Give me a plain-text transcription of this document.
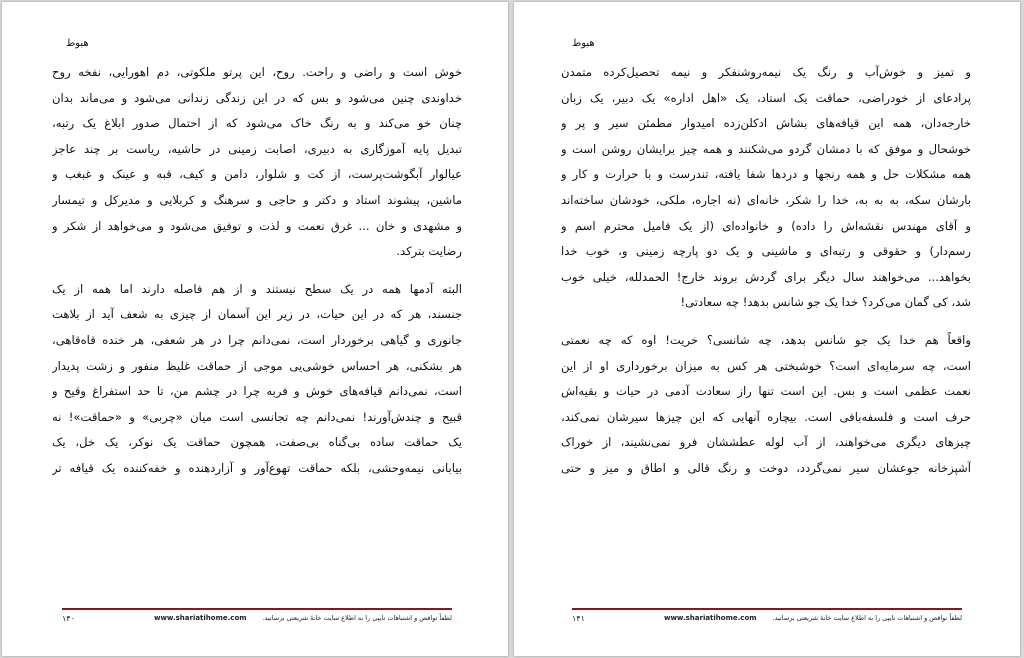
هبوط
خوش است و راضی و راحت. روح، این پرتو ملکوتی، دم اهورایی، نفخه روح
خداوندی چنین می‌شود و بس که در این زندگی زندانی می‌شود و می‌ماند بدان
چنان خو می‌کند و به رنگ خاک می‌شود که از احتمال صدور ابلاغ یک رتبه،
تبدیل پایه آموزگاری به دبیری، اصابت زمینی در حاشیه، ریاست بر چند عاجز
عیالوار آبگوشت‌پرست، از کت و شلوار، دامن و کیف، قبه و عینک و غبغب و
ماشین، پیشوند استاد و دکتر و حاجی و سرهنگ و کربلایی و مدیرکل و تیمسار
و مشهدی و خان ... غرق نعمت و لذت و توفیق می‌شود و می‌خواهد از شکر و
رضایت بترکد.
البته آدمها همه در یک سطح نیستند و از هم فاصله دارند اما همه از یک
جنسند، هر که در این حیات، در زیر این آسمان از چیزی به شعف آید از بلاهت
جانوری و گیاهی برخوردار است، نمی‌دانم چرا در هر شعفی، هر خنده قاه‌قاهی،
هر بشکنی، هر احساس خوشی‌یی موجی از حماقت غلیظ منفور و زشت پدیدار
است، نمی‌دانم قیافه‌های خوش و فربه چرا در چشم من، تا حد استفراغ وقیح و
قبیح و چندش‌آورند! نمی‌دانم چه تجانسی است میان «چربی» و «حماقت»! نه
یک حماقت ساده بی‌گناه بی‌صفت، همچون حماقت یک نوکر، یک خل، یک
بیابانی نیمه‌وحشی، بلکه حماقت تهوع‌آور و آزاردهنده و خفه‌کننده یک قیافه تر
۱۴۰	www.shariatihome.com لطفاً نواقص و اشتباهات تایپی را به اطلاع سایت خانهٔ شریعتی برسانید.
هبوط
و تمیز و خوش‌آب و رنگ یک نیمه‌روشنفکر و نیمه تحصیل‌کرده متمدن
پرادعای از خودراضی، حماقت یک استاد، یک «اهل اداره» یک دبیر، یک زبان
خارجه‌دان، همه این قیافه‌های بشاش ادکلن‌زده امیدوار مطمئن سیر و پر و
خوشحال و موفق که با دمشان گردو می‌شکنند و همه چیز برایشان روشن است و
همه مشکلات حل و همه رنجها و دردها شفا یافته، تندرست و با حرارت و کار و
بارشان سکه، به به به، خدا را شکر، خانه‌ای (نه اجاره، ملکی، خودشان ساخته‌اند
و آقای مهندس نقشه‌اش را داده) و خانواده‌ای (از یک فامیل محترم اسم و
رسم‌دار) و حقوقی و رتبه‌ای و ماشینی و یک دو پارچه زمینی و، خوب خدا
بخواهد... می‌خواهند سال دیگر برای گردش بروند خارج! الحمدلله، خیلی خوب
شد، کی گمان می‌کرد؟ خدا یک جو شانس بدهد! چه سعادتی!
واقعاً هم خدا یک جو شانس بدهد، چه شانسی؟ خریت! اوه که چه نعمتی
است، چه سرمایه‌ای است؟ خوشبختی هر کس به میزان برخورداری او از این
نعمت عظمی است و بس. این است تنها راز سعادت آدمی در حیات و بقیه‌اش
حرف است و فلسفه‌بافی است. بیچاره آنهایی که این چیزها سیرشان نمی‌کند،
چیزهای دیگری می‌خواهند، از آب لوله عطششان فرو نمی‌نشیند، از خوراک
آشپزخانه جوعشان سیر نمی‌گردد، دوخت و رنگ قالی و اطاق و میز و حتی
۱۴۱	www.shariatihome.com لطفاً نواقص و اشتباهات تایپی را به اطلاع سایت خانهٔ شریعتی برسانید.
